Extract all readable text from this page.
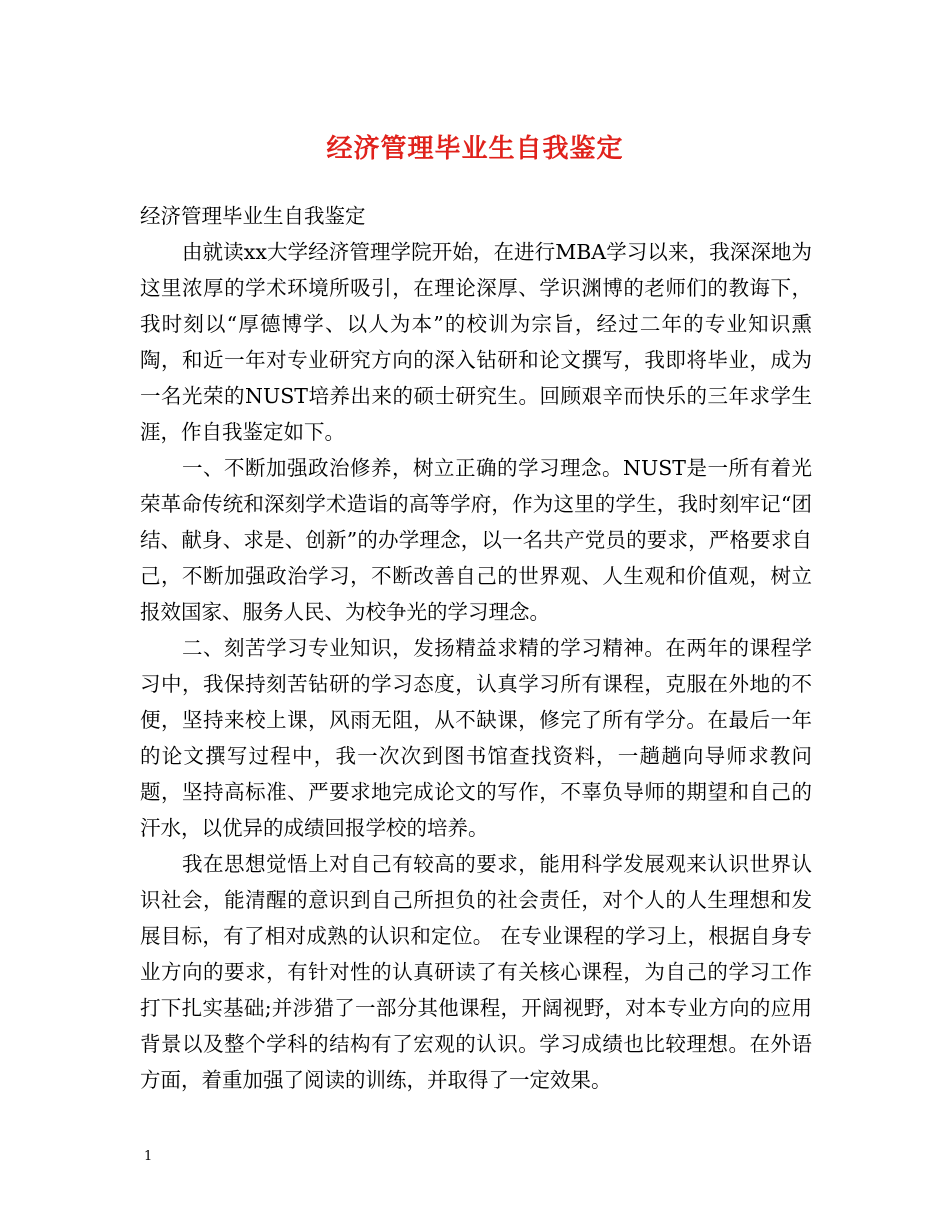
经济管理毕业生自我鉴定

经济管理毕业生自我鉴定

由就读xx大学经济管理学院开始，在进行MBA学习以来，我深深地为这里浓厚的学术环境所吸引，在理论深厚、学识渊博的老师们的教诲下，我时刻以“厚德博学、以人为本”的校训为宗旨，经过二年的专业知识熏陶，和近一年对专业研究方向的深入钻研和论文撰写，我即将毕业，成为一名光荣的NUST培养出来的硕士研究生。回顾艰辛而快乐的三年求学生涯，作自我鉴定如下。

一、不断加强政治修养，树立正确的学习理念。NUST是一所有着光荣革命传统和深刻学术造诣的高等学府，作为这里的学生，我时刻牢记“团结、献身、求是、创新”的办学理念，以一名共产党员的要求，严格要求自己，不断加强政治学习，不断改善自己的世界观、人生观和价值观，树立报效国家、服务人民、为校争光的学习理念。

二、刻苦学习专业知识，发扬精益求精的学习精神。在两年的课程学习中，我保持刻苦钻研的学习态度，认真学习所有课程，克服在外地的不便，坚持来校上课，风雨无阻，从不缺课，修完了所有学分。在最后一年的论文撰写过程中，我一次次到图书馆查找资料，一趟趟向导师求教问题，坚持高标准、严要求地完成论文的写作，不辜负导师的期望和自己的汗水，以优异的成绩回报学校的培养。

我在思想觉悟上对自己有较高的要求，能用科学发展观来认识世界认识社会，能清醒的意识到自己所担负的社会责任，对个人的人生理想和发展目标，有了相对成熟的认识和定位。 在专业课程的学习上，根据自身专业方向的要求，有针对性的认真研读了有关核心课程，为自己的学习工作打下扎实基础;并涉猎了一部分其他课程，开阔视野，对本专业方向的应用背景以及整个学科的结构有了宏观的认识。学习成绩也比较理想。在外语方面，着重加强了阅读的训练，并取得了一定效果。

1
